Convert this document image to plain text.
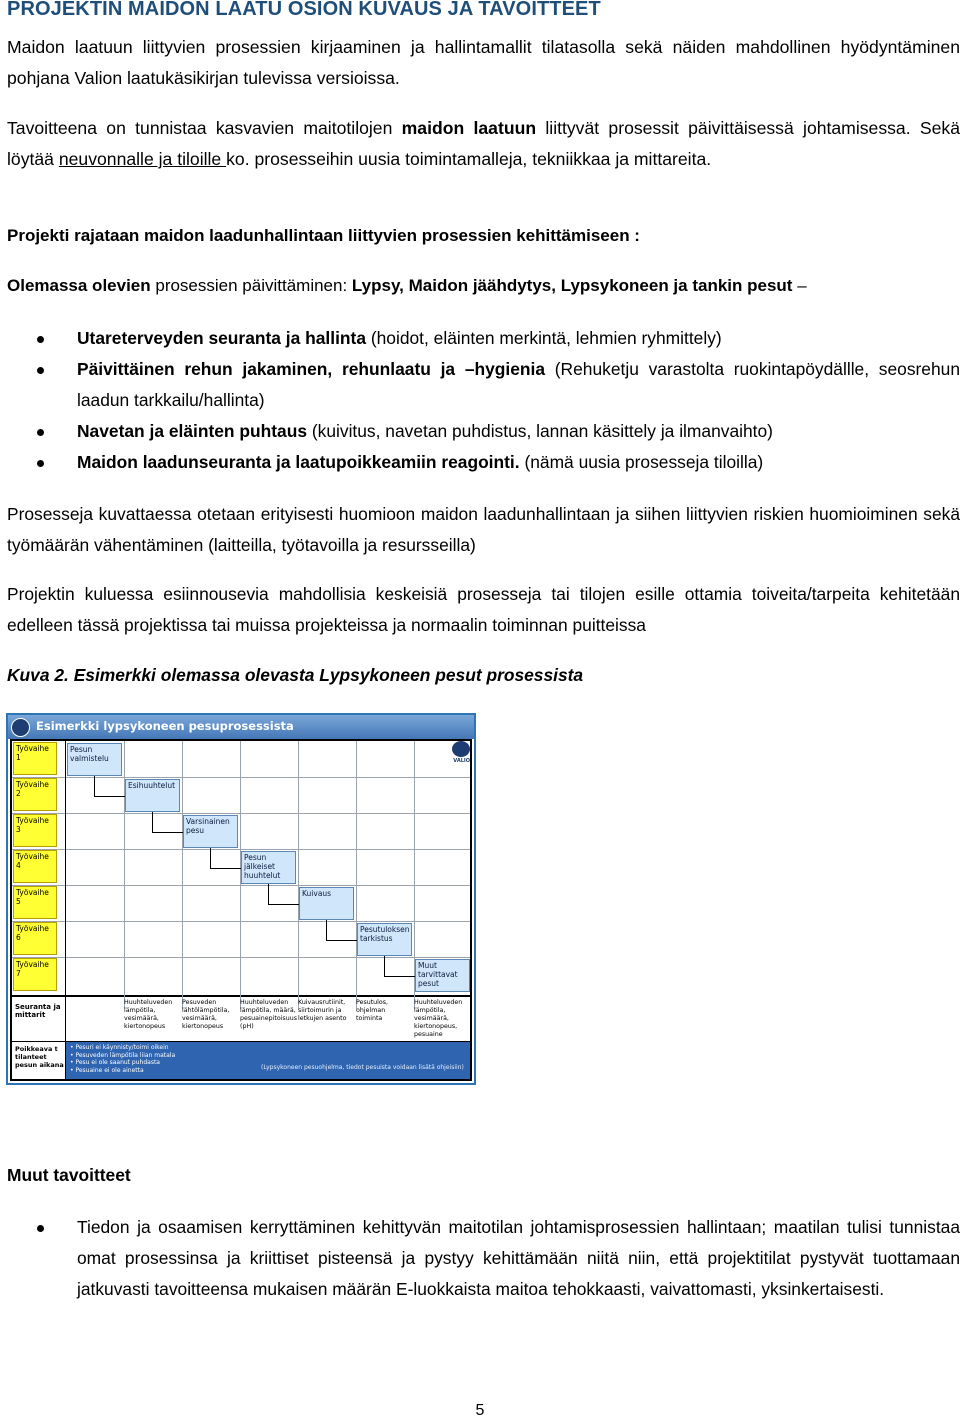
PROJEKTIN MAIDON LAATU OSION KUVAUS JA TAVOITTEET
Maidon laatuun liittyvien prosessien kirjaaminen ja hallintamallit tilatasolla sekä näiden mahdollinen hyödyntäminen pohjana Valion laatukäsikirjan tulevissa versioissa.
Tavoitteena on tunnistaa kasvavien maitotilojen maidon laatuun liittyvät prosessit päivittäisessä johtamisessa. Sekä löytää neuvonnalle ja tiloille ko. prosesseihin uusia toimintamalleja, tekniikkaa ja mittareita.
Projekti rajataan maidon laadunhallintaan liittyvien prosessien kehittämiseen :
Olemassa olevien prosessien päivittäminen: Lypsy, Maidon jäähdytys, Lypsykoneen ja tankin pesut –
Utareterveyden seuranta ja hallinta (hoidot, eläinten merkintä, lehmien ryhmittely)
Päivittäinen rehun jakaminen, rehunlaatu ja –hygienia (Rehuketju varastolta ruokintapöydällle, seosrehun laadun tarkkailu/hallinta)
Navetan ja eläinten puhtaus (kuivitus, navetan puhdistus, lannan käsittely ja ilmanvaihto)
Maidon laadunseuranta ja laatupoikkeamiin reagointi. (nämä uusia prosesseja tiloilla)
Prosesseja kuvattaessa otetaan erityisesti huomioon maidon laadunhallintaan ja siihen liittyvien riskien huomioiminen sekä työmäärän vähentäminen (laitteilla, työtavoilla ja resursseilla)
Projektin kuluessa esiinnousevia mahdollisia keskeisiä prosesseja tai tilojen esille ottamia toiveita/tarpeita kehitetään edelleen tässä projektissa tai muissa projekteissa ja normaalin toiminnan puitteissa
Kuva 2. Esimerkki olemassa olevasta Lypsykoneen pesut prosessista
Esimerkki lypsykoneen pesuprosessista
VALIO
Työvaihe 1
Työvaihe 2
Työvaihe 3
Työvaihe 4
Työvaihe 5
Työvaihe 6
Työvaihe 7
Pesun valmistelu
Esihuuhtelut
Varsinainen pesu
Pesun jälkeiset huuhtelut
Kuivaus
Pesutuloksen tarkistus
Muut tarvittavat pesut
Seuranta ja mittarit
Poikkeava t tilanteet pesun aikana
Huuhteluveden lämpötila, vesimäärä, kiertonopeus
Pesuveden lähtölämpötila, vesimäärä, kiertonopeus
Huuhteluveden lämpötila, määrä, pesuainepitoisuus (pH)
Kuivausrutiinit, siirtoimurin ja letkujen asento
Pesutulos, ohjelman toiminta
Huuhteluveden lämpötila, vesimäärä, kiertonopeus, pesuaine
• Pesuri ei käynnisty/toimi oikein
• Pesuveden lämpötila liian matala
• Pesu ei ole saanut puhdasta
• Pesuaine ei ole ainetta	(Lypsykoneen pesuohjelma, tiedot pesuista voidaan lisätä ohjeisiin)
Muut tavoitteet
Tiedon ja osaamisen kerryttäminen kehittyvän maitotilan johtamisprosessien hallintaan; maatilan tulisi tunnistaa omat prosessinsa ja kriittiset pisteensä ja pystyy kehittämään niitä niin, että projektitilat pystyvät tuottamaan jatkuvasti tavoitteensa mukaisen määrän E-luokkaista maitoa tehokkaasti, vaivattomasti, yksinkertaisesti.
5
